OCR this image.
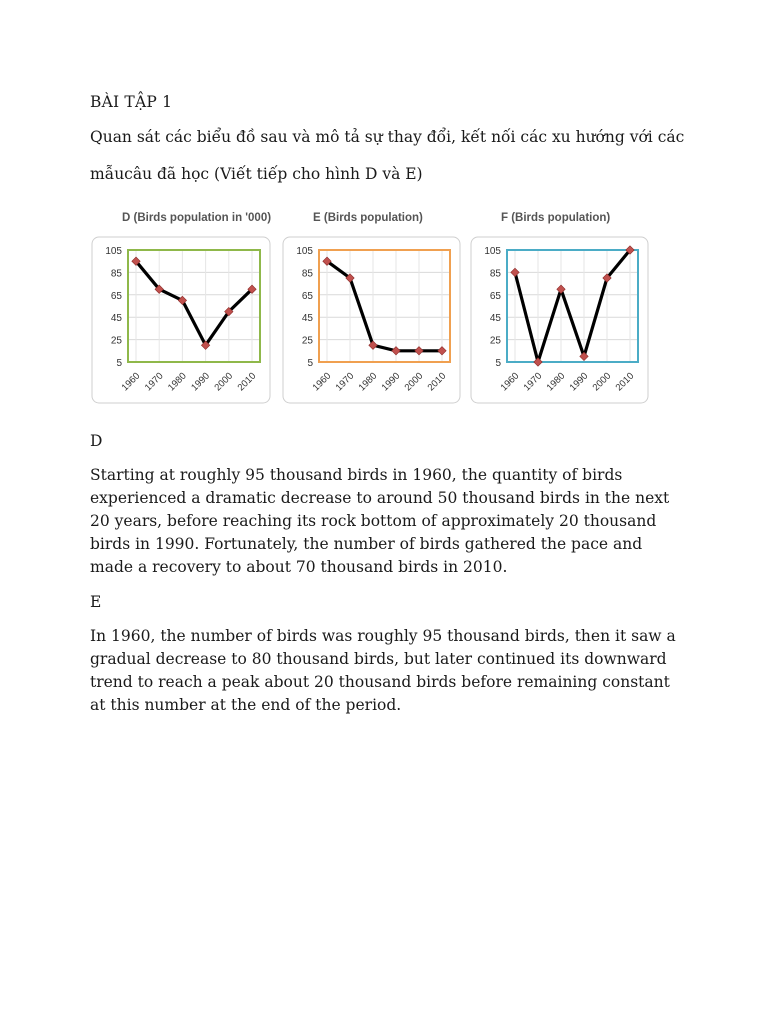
BÀI TẬP 1
Quan sát các biểu đồ sau và mô tả sự thay đổi, kết nối các xu hướng với các
mẫucâu đã học (Viết tiếp cho hình D và E)
D (Birds population in '000)
5
25
45
65
85
105
1960 1970 1980 1990 2000 2010
E (Birds population)
5
25
45
65
85
105
1960 1970 1980 1990 2000 2010
F (Birds population)
5
25
45
65
85
105
1960 1970 1980 1990 2000 2010
D
Starting at roughly 95 thousand birds in 1960, the quantity of birds experienced a dramatic decrease to around 50 thousand birds in the next 20 years, before reaching its rock bottom of approximately 20 thousand birds in 1990. Fortunately, the number of birds gathered the pace and made a recovery to about 70 thousand birds in 2010.
E
In 1960, the number of birds was roughly 95 thousand birds, then it saw a gradual decrease to 80 thousand birds, but later continued its downward trend to reach a peak about 20 thousand birds before remaining constant at this number at the end of the period.
